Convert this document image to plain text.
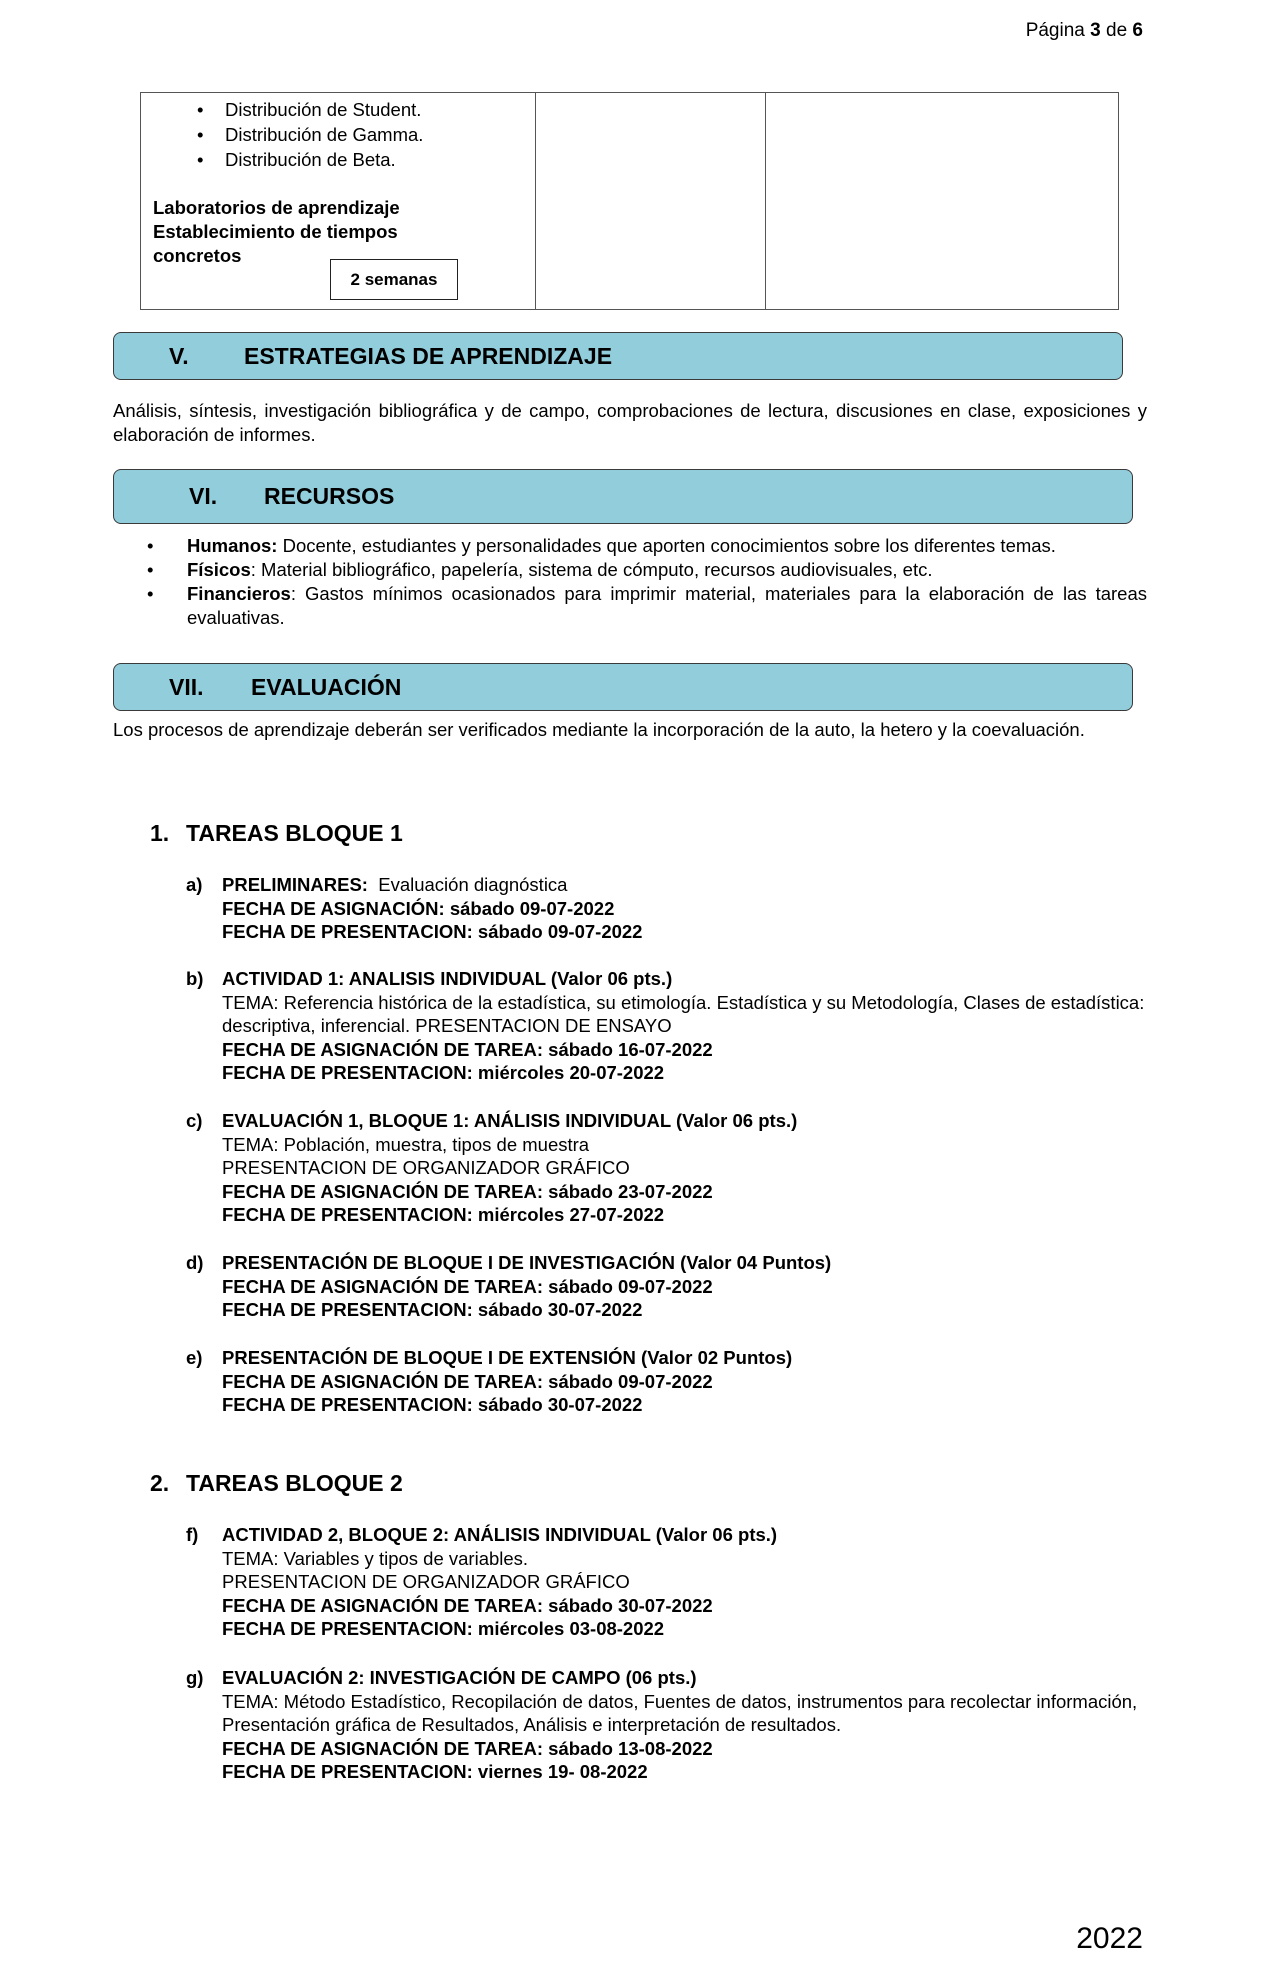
Página 3 de 6
• Distribución de Student.
• Distribución de Gamma.
• Distribución de Beta.
Laboratorios de aprendizaje
Establecimiento de tiempos
concretos
2 semanas
V. ESTRATEGIAS DE APRENDIZAJE
Análisis, síntesis, investigación bibliográfica y de campo, comprobaciones de lectura, discusiones en clase, exposiciones y elaboración de informes.
VI. RECURSOS
• Humanos: Docente, estudiantes y personalidades que aporten conocimientos sobre los diferentes temas.
• Físicos: Material bibliográfico, papelería, sistema de cómputo, recursos audiovisuales, etc.
• Financieros: Gastos mínimos ocasionados para imprimir material, materiales para la elaboración de las tareas evaluativas.
VII. EVALUACIÓN
Los procesos de aprendizaje deberán ser verificados mediante la incorporación de la auto, la hetero y la coevaluación.
1. TAREAS BLOQUE 1
a) PRELIMINARES:  Evaluación diagnóstica
FECHA DE ASIGNACIÓN: sábado 09-07-2022
FECHA DE PRESENTACION: sábado 09-07-2022
b) ACTIVIDAD 1: ANALISIS INDIVIDUAL (Valor 06 pts.)
TEMA: Referencia histórica de la estadística, su etimología. Estadística y su Metodología, Clases de estadística: descriptiva, inferencial. PRESENTACION DE ENSAYO
FECHA DE ASIGNACIÓN DE TAREA: sábado 16-07-2022
FECHA DE PRESENTACION: miércoles 20-07-2022
c) EVALUACIÓN 1, BLOQUE 1: ANÁLISIS INDIVIDUAL (Valor 06 pts.)
TEMA: Población, muestra, tipos de muestra
PRESENTACION DE ORGANIZADOR GRÁFICO
FECHA DE ASIGNACIÓN DE TAREA: sábado 23-07-2022
FECHA DE PRESENTACION: miércoles 27-07-2022
d) PRESENTACIÓN DE BLOQUE I DE INVESTIGACIÓN (Valor 04 Puntos)
FECHA DE ASIGNACIÓN DE TAREA: sábado 09-07-2022
FECHA DE PRESENTACION: sábado 30-07-2022
e) PRESENTACIÓN DE BLOQUE I DE EXTENSIÓN (Valor 02 Puntos)
FECHA DE ASIGNACIÓN DE TAREA: sábado 09-07-2022
FECHA DE PRESENTACION: sábado 30-07-2022
2. TAREAS BLOQUE 2
f) ACTIVIDAD 2, BLOQUE 2: ANÁLISIS INDIVIDUAL (Valor 06 pts.)
TEMA: Variables y tipos de variables.
PRESENTACION DE ORGANIZADOR GRÁFICO
FECHA DE ASIGNACIÓN DE TAREA: sábado 30-07-2022
FECHA DE PRESENTACION: miércoles 03-08-2022
g) EVALUACIÓN 2: INVESTIGACIÓN DE CAMPO (06 pts.)
TEMA: Método Estadístico, Recopilación de datos, Fuentes de datos, instrumentos para recolectar información, Presentación gráfica de Resultados, Análisis e interpretación de resultados.
FECHA DE ASIGNACIÓN DE TAREA: sábado 13-08-2022
FECHA DE PRESENTACION: viernes 19- 08-2022
2022
